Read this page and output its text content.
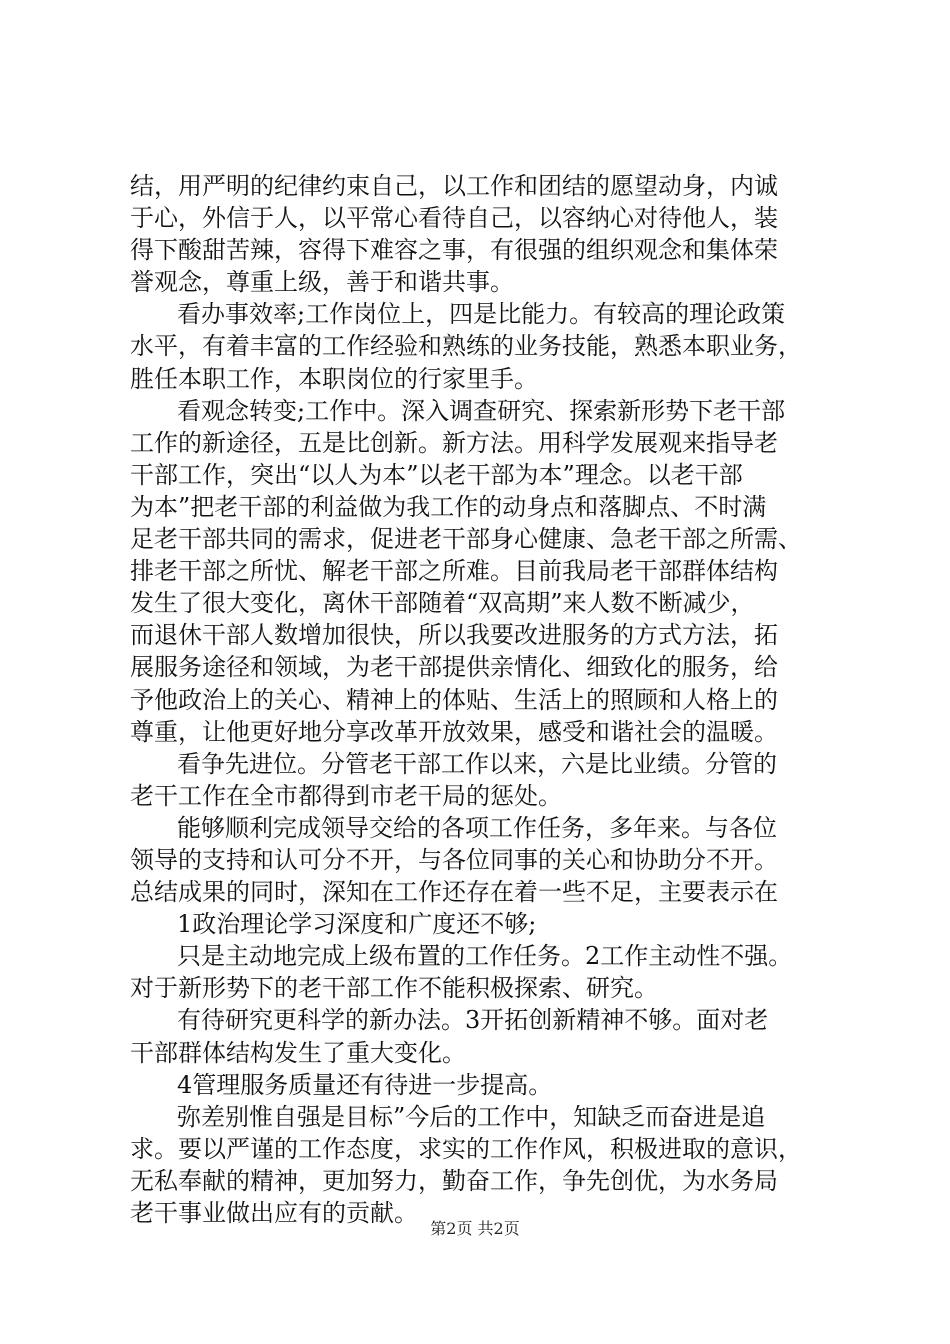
结，用严明的纪律约束自己，以工作和团结的愿望动身，内诚
于心，外信于人，以平常心看待自己，以容纳心对待他人，装
得下酸甜苦辣，容得下难容之事，有很强的组织观念和集体荣
誉观念，尊重上级，善于和谐共事。
看办事效率;工作岗位上，四是比能力。有较高的理论政策
水平，有着丰富的工作经验和熟练的业务技能，熟悉本职业务，
胜任本职工作，本职岗位的行家里手。
看观念转变;工作中。深入调查研究、探索新形势下老干部
工作的新途径，五是比创新。新方法。用科学发展观来指导老
干部工作，突出“以人为本”以老干部为本”理念。以老干部
为本”把老干部的利益做为我工作的动身点和落脚点、不时满
足老干部共同的需求，促进老干部身心健康、急老干部之所需、
排老干部之所忧、解老干部之所难。目前我局老干部群体结构
发生了很大变化，离休干部随着“双高期”来人数不断减少，
而退休干部人数增加很快，所以我要改进服务的方式方法，拓
展服务途径和领域，为老干部提供亲情化、细致化的服务，给
予他政治上的关心、精神上的体贴、生活上的照顾和人格上的
尊重，让他更好地分享改革开放效果，感受和谐社会的温暖。
看争先进位。分管老干部工作以来，六是比业绩。分管的
老干工作在全市都得到市老干局的惩处。
能够顺利完成领导交给的各项工作任务，多年来。与各位
领导的支持和认可分不开，与各位同事的关心和协助分不开。
总结成果的同时，深知在工作还存在着一些不足，主要表示在
1政治理论学习深度和广度还不够;
只是主动地完成上级布置的工作任务。2工作主动性不强。
对于新形势下的老干部工作不能积极探索、研究。
有待研究更科学的新办法。3开拓创新精神不够。面对老
干部群体结构发生了重大变化。
4管理服务质量还有待进一步提高。
弥差别惟自强是目标”今后的工作中，知缺乏而奋进是追
求。要以严谨的工作态度，求实的工作作风，积极进取的意识，
无私奉献的精神，更加努力，勤奋工作，争先创优，为水务局
老干事业做出应有的贡献。
第2页 共2页
